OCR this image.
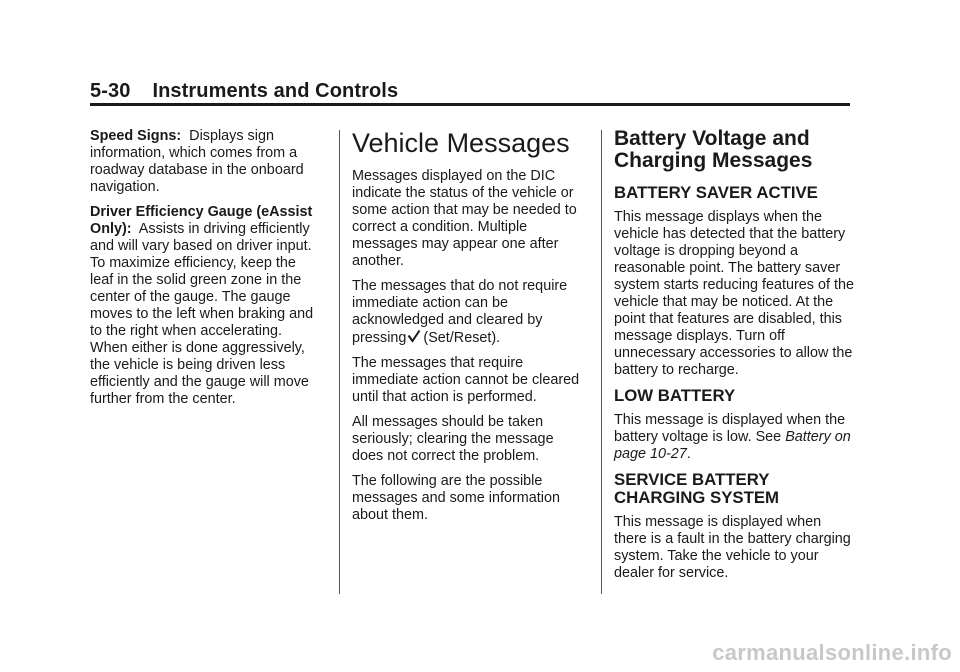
5-30 Instruments and Controls

Speed Signs: Displays sign information, which comes from a roadway database in the onboard navigation.

Driver Efficiency Gauge (eAssist Only): Assists in driving efficiently and will vary based on driver input. To maximize efficiency, keep the leaf in the solid green zone in the center of the gauge. The gauge moves to the left when braking and to the right when accelerating. When either is done aggressively, the vehicle is being driven less efficiently and the gauge will move further from the center.

Vehicle Messages

Messages displayed on the DIC indicate the status of the vehicle or some action that may be needed to correct a condition. Multiple messages may appear one after another.

The messages that do not require immediate action can be acknowledged and cleared by pressing (Set/Reset).

The messages that require immediate action cannot be cleared until that action is performed.

All messages should be taken seriously; clearing the message does not correct the problem.

The following are the possible messages and some information about them.

Battery Voltage and Charging Messages
BATTERY SAVER ACTIVE

This message displays when the vehicle has detected that the battery voltage is dropping beyond a reasonable point. The battery saver system starts reducing features of the vehicle that may be noticed. At the point that features are disabled, this message displays. Turn off unnecessary accessories to allow the battery to recharge.

LOW BATTERY

This message is displayed when the battery voltage is low. See Battery on page 10-27.

SERVICE BATTERY CHARGING SYSTEM

This message is displayed when there is a fault in the battery charging system. Take the vehicle to your dealer for service.

carmanualsonline.info
